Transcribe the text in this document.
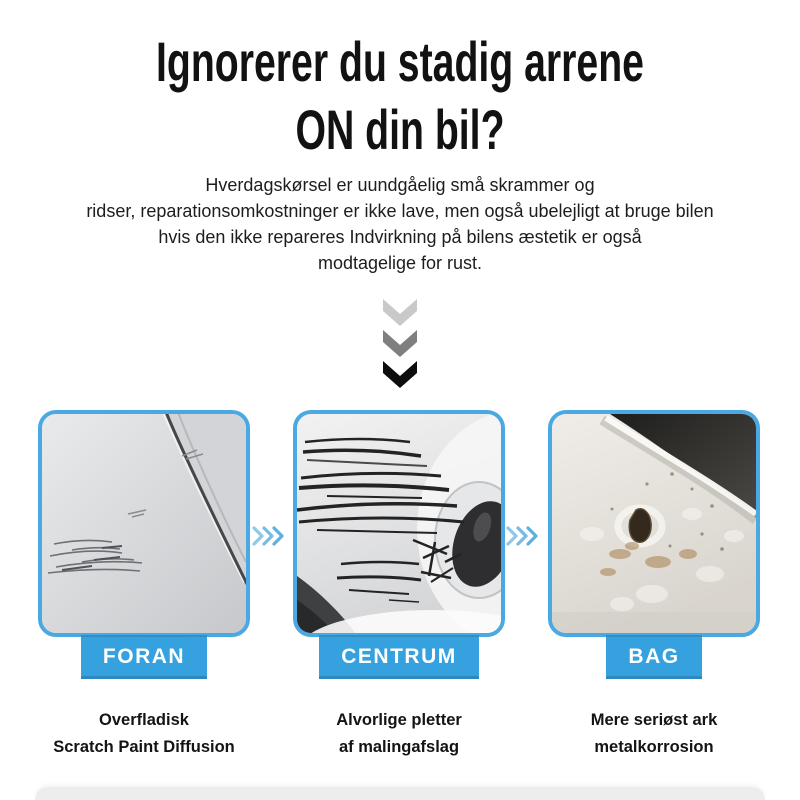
Ignorerer du stadig arrene
ON din bil?
Hverdagskørsel er uundgåelig små skrammer og
ridser, reparationsomkostninger er ikke lave, men også ubelejligt at bruge bilen
hvis den ikke repareres Indvirkning på bilens æstetik er også
modtagelige for rust.
FORAN
Overfladisk
Scratch Paint Diffusion
CENTRUM
Alvorlige pletter
af malingafslag
BAG
Mere seriøst ark
metalkorrosion
